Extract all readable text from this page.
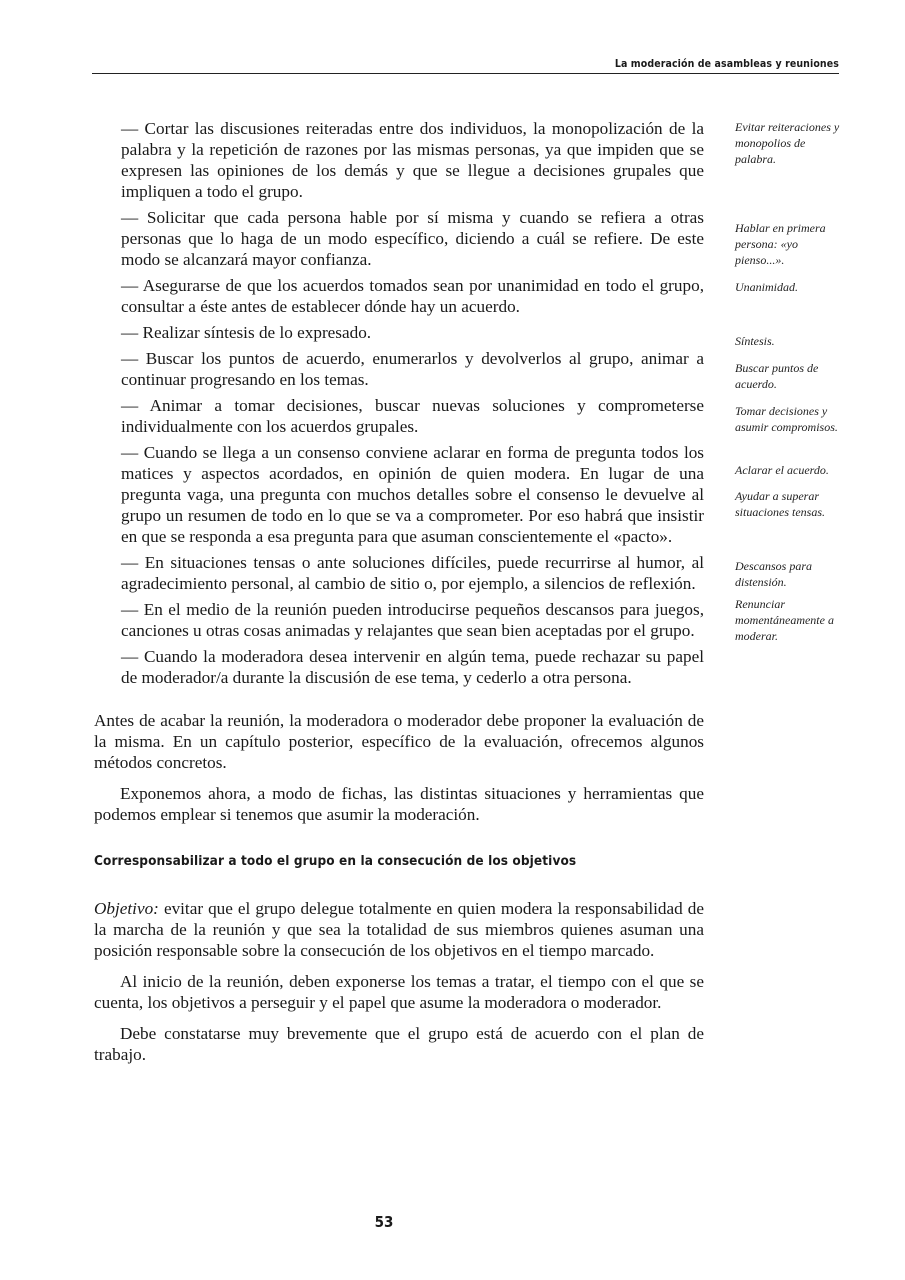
La moderación de asambleas y reuniones

— Cortar las discusiones reiteradas entre dos individuos, la monopolización de la palabra y la repetición de razones por las mismas personas, ya que impiden que se expresen las opiniones de los demás y que se llegue a decisiones grupales que impliquen a todo el grupo.

— Solicitar que cada persona hable por sí misma y cuando se refiera a otras personas que lo haga de un modo específico, diciendo a cuál se refiere. De este modo se alcanzará mayor confianza.

— Asegurarse de que los acuerdos tomados sean por unanimidad en todo el grupo, consultar a éste antes de establecer dónde hay un acuerdo.

— Realizar síntesis de lo expresado.

— Buscar los puntos de acuerdo, enumerarlos y devolverlos al grupo, animar a continuar progresando en los temas.

— Animar a tomar decisiones, buscar nuevas soluciones y comprometerse individualmente con los acuerdos grupales.

— Cuando se llega a un consenso conviene aclarar en forma de pregunta todos los matices y aspectos acordados, en opinión de quien modera. En lugar de una pregunta vaga, una pregunta con muchos detalles sobre el consenso le devuelve al grupo un resumen de todo en lo que se va a comprometer. Por eso habrá que insistir en que se responda a esa pregunta para que asuman conscientemente el «pacto».

— En situaciones tensas o ante soluciones difíciles, puede recurrirse al humor, al agradecimiento personal, al cambio de sitio o, por ejemplo, a silencios de reflexión.

— En el medio de la reunión pueden introducirse pequeños descansos para juegos, canciones u otras cosas animadas y relajantes que sean bien aceptadas por el grupo.

— Cuando la moderadora desea intervenir en algún tema, puede rechazar su papel de moderador/a durante la discusión de ese tema, y cederlo a otra persona.

Antes de acabar la reunión, la moderadora o moderador debe proponer la evaluación de la misma. En un capítulo posterior, específico de la evaluación, ofrecemos algunos métodos concretos.

Exponemos ahora, a modo de fichas, las distintas situaciones y herramientas que podemos emplear si tenemos que asumir la moderación.

Corresponsabilizar a todo el grupo en la consecución de los objetivos

Objetivo: evitar que el grupo delegue totalmente en quien modera la responsabilidad de la marcha de la reunión y que sea la totalidad de sus miembros quienes asuman una posición responsable sobre la consecución de los objetivos en el tiempo marcado.

Al inicio de la reunión, deben exponerse los temas a tratar, el tiempo con el que se cuenta, los objetivos a perseguir y el papel que asume la moderadora o moderador.

Debe constatarse muy brevemente que el grupo está de acuerdo con el plan de trabajo.

Evitar reiteraciones y monopolios de palabra.
Hablar en primera persona: «yo pienso...».
Unanimidad.
Síntesis.
Buscar puntos de acuerdo.
Tomar decisiones y asumir compromisos.
Aclarar el acuerdo.
Ayudar a superar situaciones tensas.
Descansos para distensión.
Renunciar momentáneamente a moderar.
53
